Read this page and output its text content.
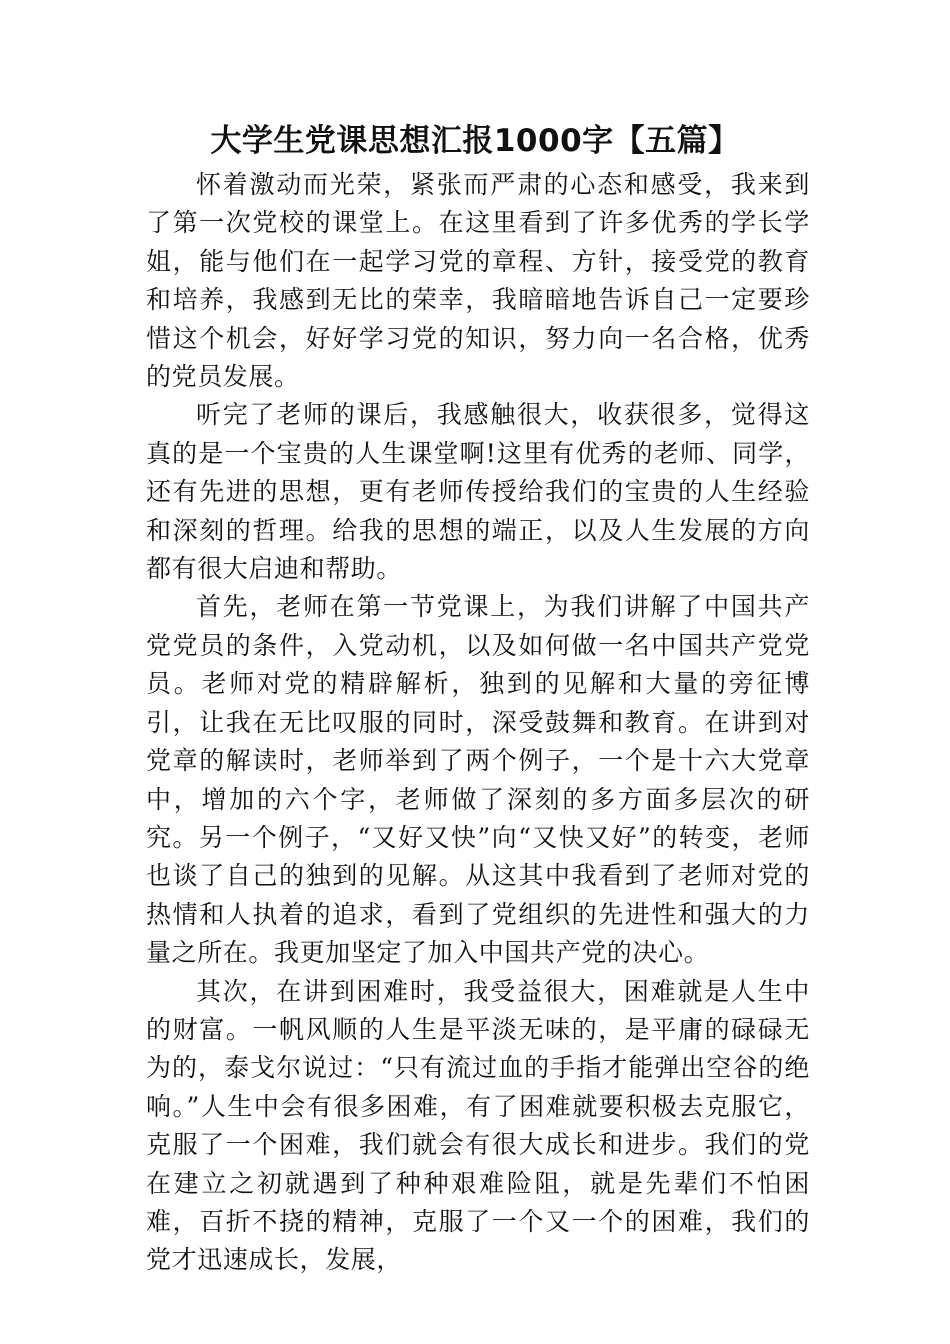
大学生党课思想汇报1000字【五篇】

怀着激动而光荣，紧张而严肃的心态和感受，我来到了第一次党校的课堂上。在这里看到了许多优秀的学长学姐，能与他们在一起学习党的章程、方针，接受党的教育和培养，我感到无比的荣幸，我暗暗地告诉自己一定要珍惜这个机会，好好学习党的知识，努力向一名合格，优秀的党员发展。

听完了老师的课后，我感触很大，收获很多，觉得这真的是一个宝贵的人生课堂啊!这里有优秀的老师、同学，还有先进的思想，更有老师传授给我们的宝贵的人生经验和深刻的哲理。给我的思想的端正，以及人生发展的方向都有很大启迪和帮助。

首先，老师在第一节党课上，为我们讲解了中国共产党党员的条件，入党动机，以及如何做一名中国共产党党员。老师对党的精辟解析，独到的见解和大量的旁征博引，让我在无比叹服的同时，深受鼓舞和教育。在讲到对党章的解读时，老师举到了两个例子，一个是十六大党章中，增加的六个字，老师做了深刻的多方面多层次的研究。另一个例子，“又好又快”向“又快又好”的转变，老师也谈了自己的独到的见解。从这其中我看到了老师对党的热情和人执着的追求，看到了党组织的先进性和强大的力量之所在。我更加坚定了加入中国共产党的决心。

其次，在讲到困难时，我受益很大，困难就是人生中的财富。一帆风顺的人生是平淡无味的，是平庸的碌碌无为的，泰戈尔说过：“只有流过血的手指才能弹出空谷的绝响。”人生中会有很多困难，有了困难就要积极去克服它，克服了一个困难，我们就会有很大成长和进步。我们的党在建立之初就遇到了种种艰难险阻，就是先辈们不怕困难，百折不挠的精神，克服了一个又一个的困难，我们的党才迅速成长，发展，
